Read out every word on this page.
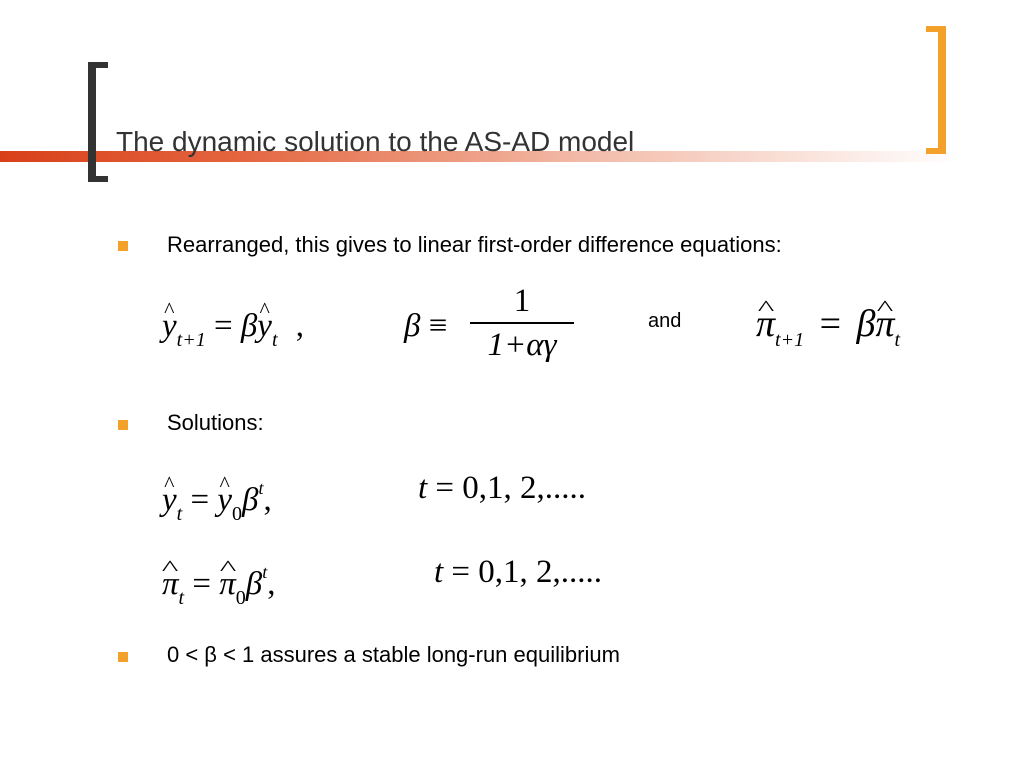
The dynamic solution to the AS-AD model
Rearranged, this gives to linear first-order difference equations:
^ $y_{t+1}$ = β^ $y_t$ ,	β ≡
1
1+αγ
and ^ $\pi_{t+1}$ = β^ $\pi_t$
Solutions:
^ $y_t$ = ^ $y_0\beta^t$,	t = 0,1, 2,.....
^ $\pi_t$ = ^ $\pi_0\beta^t$,	t = 0,1, 2,.....
0 < β < 1 assures a stable long-run equilibrium
